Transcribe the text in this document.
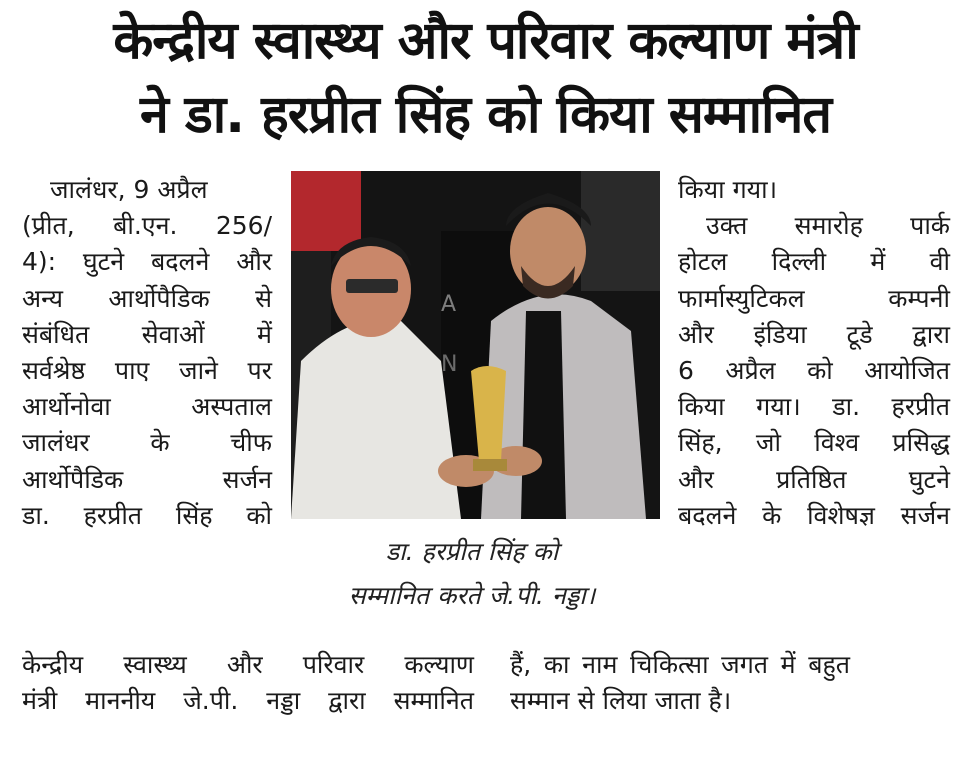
केन्द्रीय स्वास्थ्य और परिवार कल्याण मंत्री
ने डा. हरप्रीत सिंह को किया सम्मानित
जालंधर, 9 अप्रैल
(प्रीत, बी.एन. 256/
4): घुटने बदलने और
अन्य आर्थोपैडिक से
संबंधित सेवाओं में
सर्वश्रेष्ठ पाए जाने पर
आर्थोनोवा अस्पताल
जालंधर के चीफ
आर्थोपैडिक सर्जन
डा. हरप्रीत सिंह को
A
N
डा. हरप्रीत सिंह को
सम्मानित करते जे.पी. नड्डा।
किया गया।
उक्त समारोह पार्क
होटल दिल्ली में वी
फार्मास्युटिकल कम्पनी
और इंडिया टूडे द्वारा
6 अप्रैल को आयोजित
किया गया। डा. हरप्रीत
सिंह, जो विश्व प्रसिद्ध
और प्रतिष्ठित घुटने
बदलने के विशेषज्ञ सर्जन
केन्द्रीय स्वास्थ्य और परिवार कल्याण
मंत्री माननीय जे.पी. नड्डा द्वारा सम्मानित
हैं, का नाम चिकित्सा जगत में बहुत
सम्मान से लिया जाता है।
